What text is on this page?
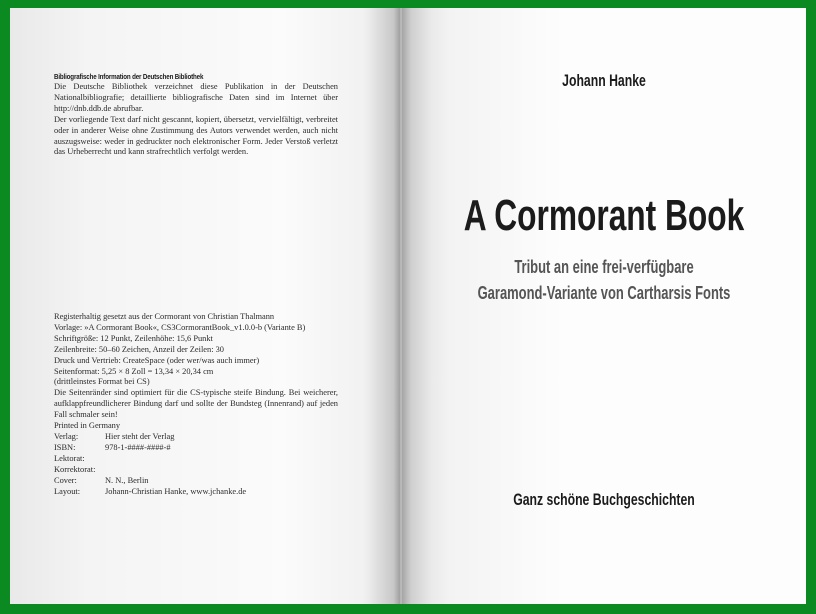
Bibliografische Information der Deutschen Bibliothek
Die Deutsche Bibliothek verzeichnet diese Publikation in der Deutschen Nationalbibliografie; detaillierte bibliografische Daten sind im Internet über http://dnb.ddb.de abrufbar.
Der vorliegende Text darf nicht gescannt, kopiert, übersetzt, vervielfältigt, verbreitet oder in anderer Weise ohne Zustimmung des Autors verwendet werden, auch nicht auszugsweise: weder in gedruckter noch elektronischer Form. Jeder Verstoß verletzt das Urheberrecht und kann strafrechtlich verfolgt werden.

Registerhaltig gesetzt aus der Cormorant von Christian Thalmann

Vorlage: »A Cormorant Book«, CS3CormorantBook_v1.0.0-b (Variante B)

Schriftgröße: 12 Punkt, Zeilenhöhe: 15,6 Punkt

Zeilenbreite: 50–60 Zeichen, Anzeil der Zeilen: 30

Druck und Vertrieb: CreateSpace (oder wer/was auch immer)

Seitenformat: 5,25 × 8 Zoll = 13,34 × 20,34 cm

(drittleinstes Format bei CS)

Die Seitenränder sind optimiert für die CS-typische steife Bindung. Bei weicherer, aufklappfreundlicherer Bindung darf und sollte der Bundsteg (Innenrand) auf jeden Fall schmaler sein!

Printed in Germany

Verlag:	Hier steht der Verlag
ISBN:	978-1-####-####-#
Lektorat:
Korrektorat:
Cover:	N. N., Berlin
Layout:	Johann-Christian Hanke, www.jchanke.de
Johann Hanke
A Cormorant Book
Tribut an eine frei-verfügbare
Garamond-Variante von Cartharsis Fonts
Ganz schöne Buchgeschichten
